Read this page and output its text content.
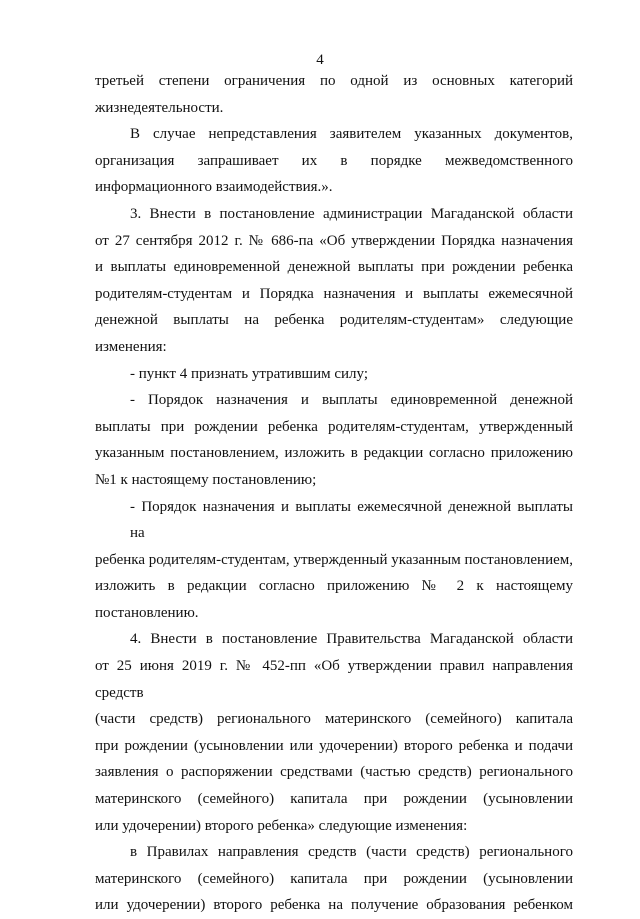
4

третьей степени ограничения по одной из основных категорий
жизнедеятельности.

В случае непредставления заявителем указанных документов,
организация запрашивает их в порядке межведомственного
информационного взаимодействия.».

3. Внести в постановление администрации Магаданской области
от 27 сентября 2012 г. № 686-па «Об утверждении Порядка назначения
и выплаты единовременной денежной выплаты при рождении ребенка
родителям-студентам и Порядка назначения и выплаты ежемесячной
денежной выплаты на ребенка родителям-студентам» следующие
изменения:

- пункт 4 признать утратившим силу;

- Порядок назначения и выплаты единовременной денежной
выплаты при рождении ребенка родителям-студентам, утвержденный
указанным постановлением, изложить в редакции согласно приложению
№1 к настоящему постановлению;

- Порядок назначения и выплаты ежемесячной денежной выплаты на
ребенка родителям-студентам, утвержденный указанным постановлением,
изложить в редакции согласно приложению № 2 к настоящему
постановлению.

4. Внести в постановление Правительства Магаданской области
от 25 июня 2019 г. № 452-пп «Об утверждении правил направления средств
(части средств) регионального материнского (семейного) капитала
при рождении (усыновлении или удочерении) второго ребенка и подачи
заявления о распоряжении средствами (частью средств) регионального
материнского (семейного) капитала при рождении (усыновлении
или удочерении) второго ребенка» следующие изменения:

в Правилах направления средств (части средств) регионального
материнского (семейного) капитала при рождении (усыновлении
или удочерении) второго ребенка на получение образования ребенком
